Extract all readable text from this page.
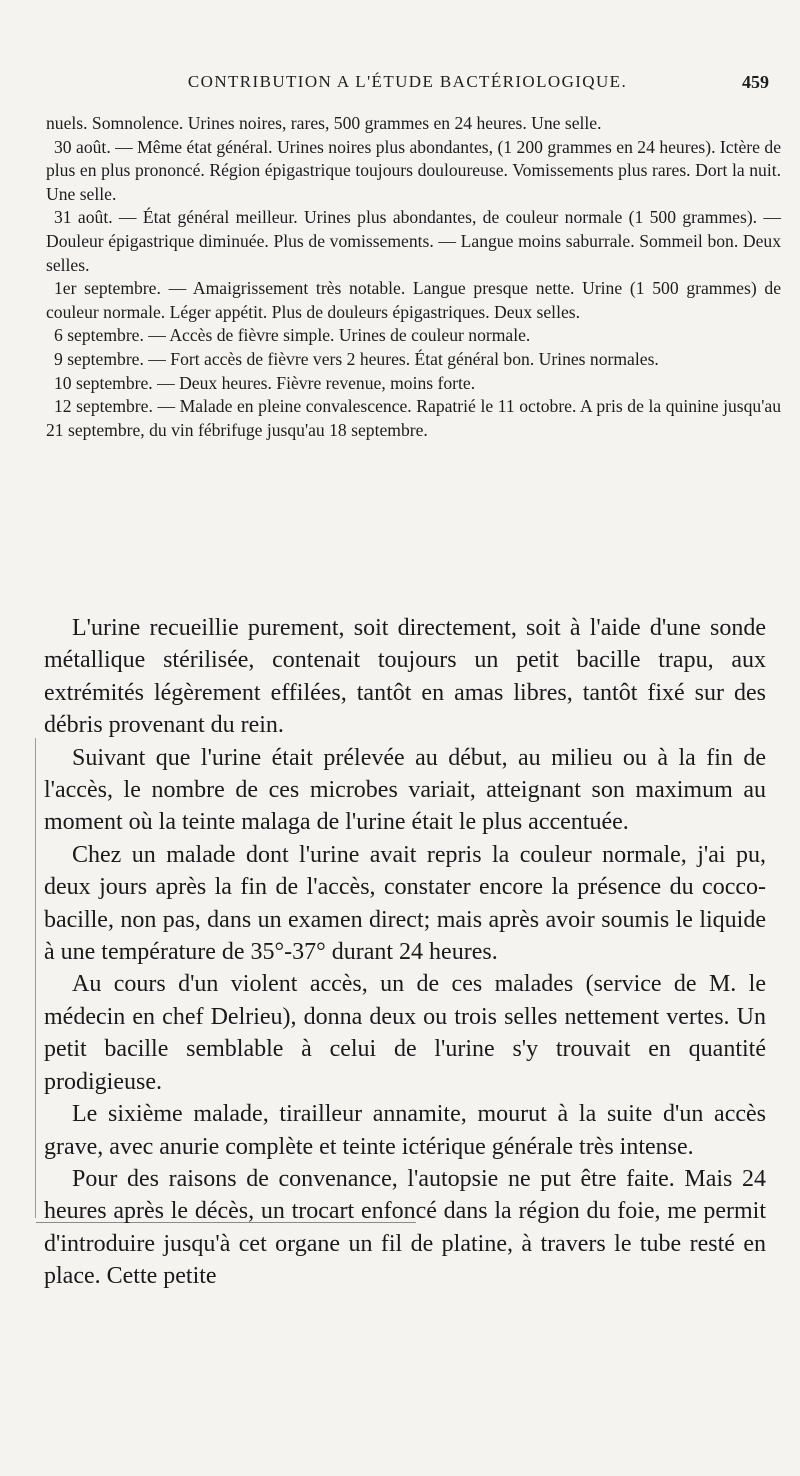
CONTRIBUTION A L'ÉTUDE BACTÉRIOLOGIQUE.	459

nuels. Somnolence. Urines noires, rares, 500 grammes en 24 heures. Une selle.

30 août. — Même état général. Urines noires plus abondantes, (1 200 grammes en 24 heures). Ictère de plus en plus prononcé. Région épigastrique toujours douloureuse. Vomissements plus rares. Dort la nuit. Une selle.

31 août. — État général meilleur. Urines plus abondantes, de couleur normale (1 500 grammes). — Douleur épigastrique diminuée. Plus de vomissements. — Langue moins saburrale. Sommeil bon. Deux selles.

1er septembre. — Amaigrissement très notable. Langue presque nette. Urine (1 500 grammes) de couleur normale. Léger appétit. Plus de douleurs épigastriques. Deux selles.

6 septembre. — Accès de fièvre simple. Urines de couleur normale.

9 septembre. — Fort accès de fièvre vers 2 heures. État général bon. Urines normales.

10 septembre. — Deux heures. Fièvre revenue, moins forte.

12 septembre. — Malade en pleine convalescence. Rapatrié le 11 octobre. A pris de la quinine jusqu'au 21 septembre, du vin fébrifuge jusqu'au 18 septembre.

L'urine recueillie purement, soit directement, soit à l'aide d'une sonde métallique stérilisée, contenait toujours un petit bacille trapu, aux extrémités légèrement effilées, tantôt en amas libres, tantôt fixé sur des débris provenant du rein.

Suivant que l'urine était prélevée au début, au milieu ou à la fin de l'accès, le nombre de ces microbes variait, atteignant son maximum au moment où la teinte malaga de l'urine était le plus accentuée.

Chez un malade dont l'urine avait repris la couleur normale, j'ai pu, deux jours après la fin de l'accès, constater encore la présence du cocco-bacille, non pas, dans un examen direct; mais après avoir soumis le liquide à une température de 35°-37° durant 24 heures.

Au cours d'un violent accès, un de ces malades (service de M. le médecin en chef Delrieu), donna deux ou trois selles nettement vertes. Un petit bacille semblable à celui de l'urine s'y trouvait en quantité prodigieuse.

Le sixième malade, tirailleur annamite, mourut à la suite d'un accès grave, avec anurie complète et teinte ictérique générale très intense.

Pour des raisons de convenance, l'autopsie ne put être faite. Mais 24 heures après le décès, un trocart enfoncé dans la région du foie, me permit d'introduire jusqu'à cet organe un fil de platine, à travers le tube resté en place. Cette petite
